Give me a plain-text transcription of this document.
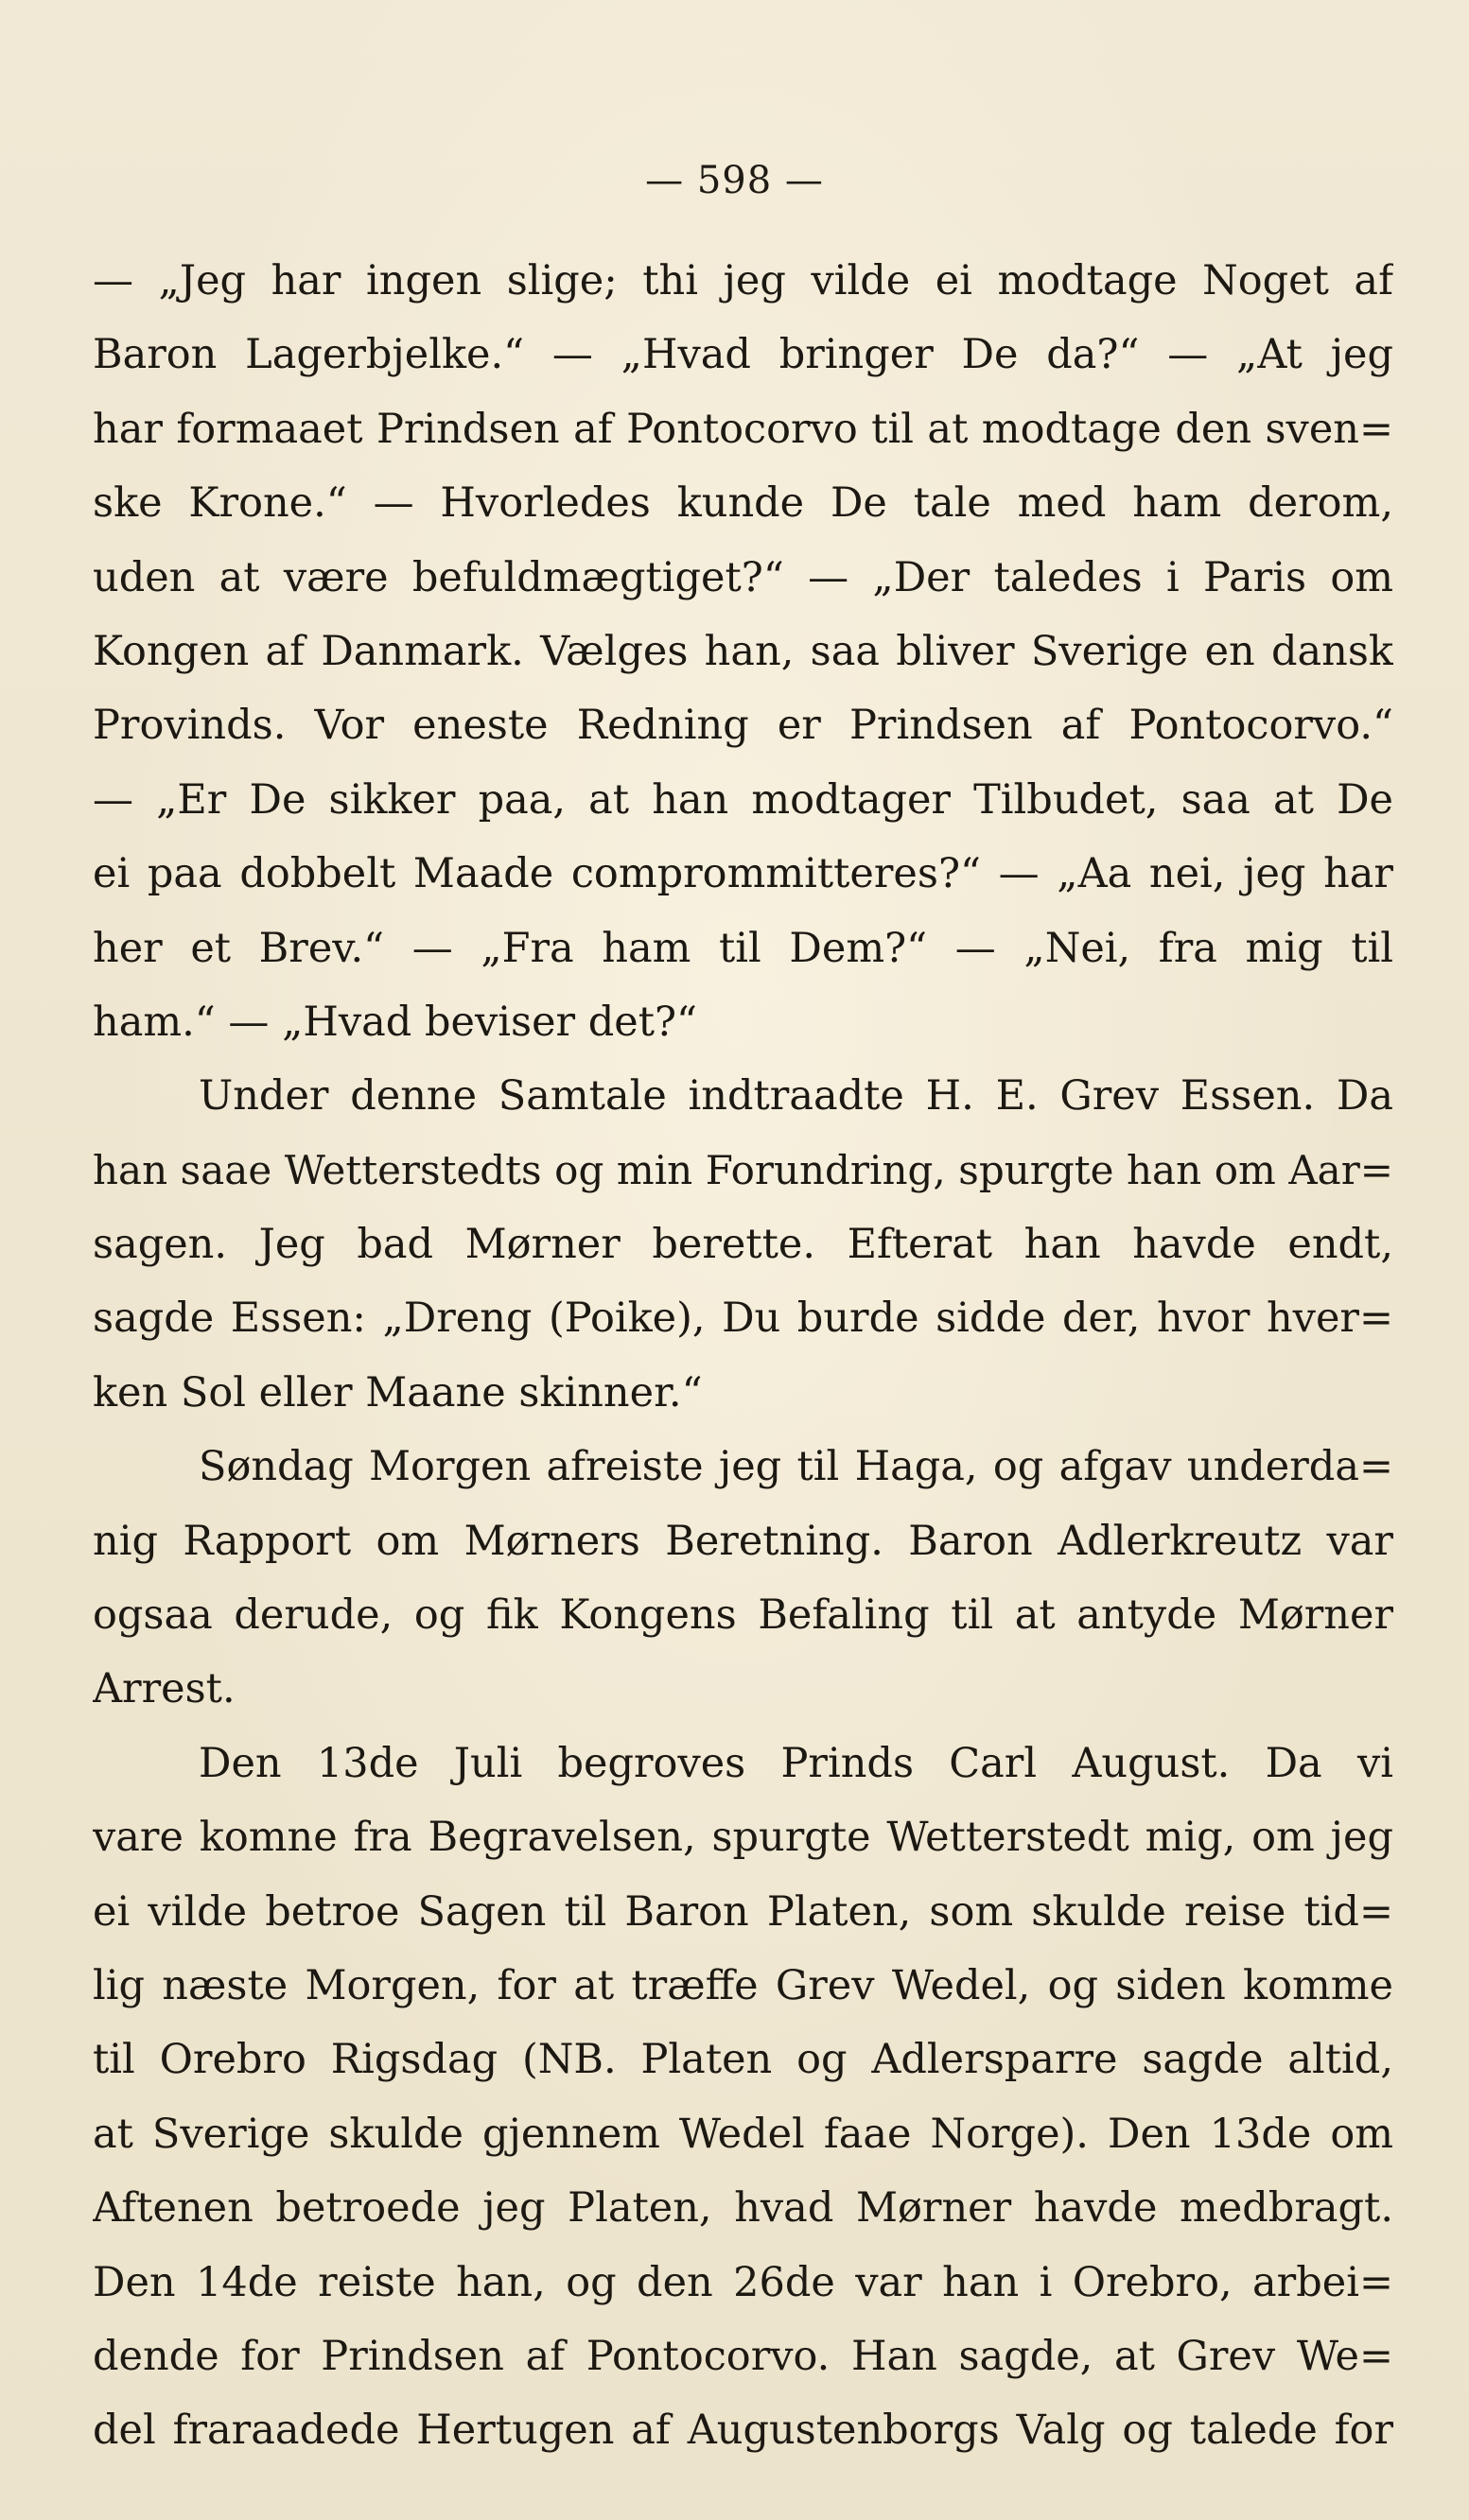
— 598 —
— „Jeg har ingen slige; thi jeg vilde ei modtage Noget af
Baron Lagerbjelke.“ — „Hvad bringer De da?“ — „At jeg
har formaaet Prindsen af Pontocorvo til at modtage den sven=
ske Krone.“ — Hvorledes kunde De tale med ham derom,
uden at være befuldmægtiget?“ — „Der taledes i Paris om
Kongen af Danmark. Vælges han, saa bliver Sverige en dansk
Provinds. Vor eneste Redning er Prindsen af Pontocorvo.“
— „Er De sikker paa, at han modtager Tilbudet, saa at De
ei paa dobbelt Maade comprommitteres?“ — „Aa nei, jeg har
her et Brev.“ — „Fra ham til Dem?“ — „Nei, fra mig til
ham.“ — „Hvad beviser det?“
Under denne Samtale indtraadte H. E. Grev Essen. Da
han saae Wetterstedts og min Forundring, spurgte han om Aar=
sagen. Jeg bad Mørner berette. Efterat han havde endt,
sagde Essen: „Dreng (Poike), Du burde sidde der, hvor hver=
ken Sol eller Maane skinner.“
Søndag Morgen afreiste jeg til Haga, og afgav underda=
nig Rapport om Mørners Beretning. Baron Adlerkreutz var
ogsaa derude, og fik Kongens Befaling til at antyde Mørner
Arrest.
Den 13de Juli begroves Prinds Carl August. Da vi
vare komne fra Begravelsen, spurgte Wetterstedt mig, om jeg
ei vilde betroe Sagen til Baron Platen, som skulde reise tid=
lig næste Morgen, for at træffe Grev Wedel, og siden komme
til Orebro Rigsdag (NB. Platen og Adlersparre sagde altid,
at Sverige skulde gjennem Wedel faae Norge). Den 13de om
Aftenen betroede jeg Platen, hvad Mørner havde medbragt.
Den 14de reiste han, og den 26de var han i Orebro, arbei=
dende for Prindsen af Pontocorvo. Han sagde, at Grev We=
del fraraadede Hertugen af Augustenborgs Valg og talede for
